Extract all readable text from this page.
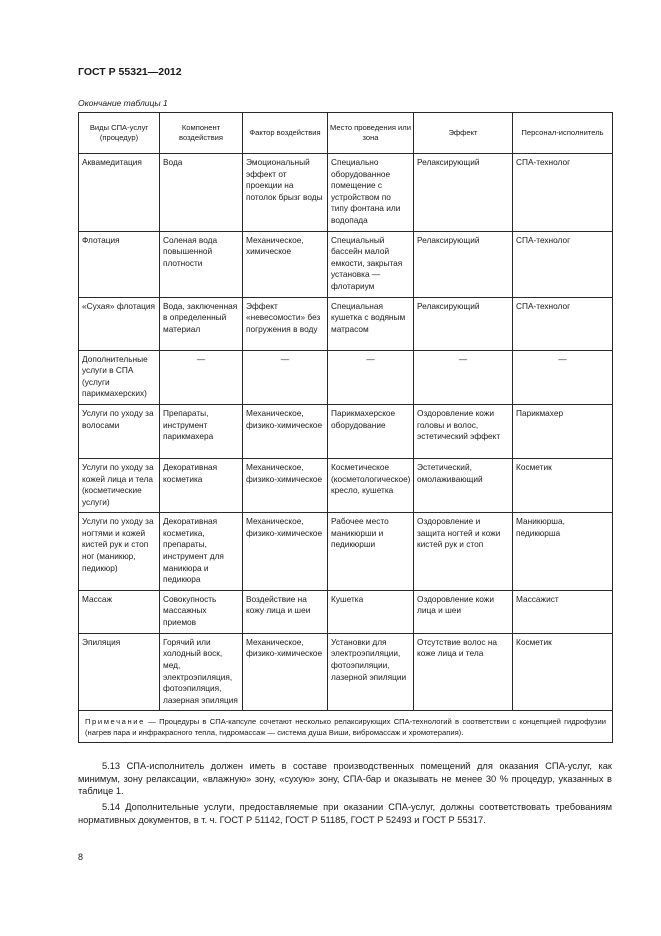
ГОСТ Р 55321—2012
Окончание таблицы 1
Виды СПА-услуг (процедур)	Компонент воздействия	Фактор воздействия	Место проведения или зона	Эффект	Персонал-исполнитель
Аквамедитация	Вода	Эмоциональный эффект от проекции на потолок брызг воды	Специально оборудованное помещение с устройством по типу фонтана или водопада	Релаксирующий	СПА-технолог
Флотация	Соленая вода повышенной плотности	Механическое, химическое	Специальный бассейн малой емкости, закрытая установка — флотариум	Релаксирующий	СПА-технолог
«Сухая» флотация	Вода, заключенная в определенный материал	Эффект «невесомости» без погружения в воду	Специальная кушетка с водяным матрасом	Релаксирующий	СПА-технолог
Дополнительные услуги в СПА (услуги парикмахерских)	—	—	—	—	—
Услуги по уходу за волосами	Препараты, инструмент парикмахера	Механическое, физико-химическое	Парикмахерское оборудование	Оздоровление кожи головы и волос, эстетический эффект	Парикмахер
Услуги по уходу за кожей лица и тела (косметические услуги)	Декоративная косметика	Механическое, физико-химическое	Косметическое (косметологическое) кресло, кушетка	Эстетический, омолаживающий	Косметик
Услуги по уходу за ногтями и кожей кистей рук и стоп ног (маникюр, педикюр)	Декоративная косметика, препараты, инструмент для маникюра и педикюра	Механическое, физико-химическое	Рабочее место маникюрши и педикюрши	Оздоровление и защита ногтей и кожи кистей рук и стоп	Маникюрша, педикюрша
Массаж	Совокупность массажных приемов	Воздействие на кожу лица и шеи	Кушетка	Оздоровление кожи лица и шеи	Массажист
Эпиляция	Горячий или холодный воск, мед, электроэпиляция, фотоэпиляция, лазерная эпиляция	Механическое, физико-химическое	Установки для электроэпиляции, фотоэпиляции, лазерной эпиляции	Отсутствие волос на коже лица и тела	Косметик
Примечание — Процедуры в СПА-капсуле сочетают несколько релаксирующих СПА-технологий в соответствии с концепцией гидрофузии (нагрев пара и инфракрасного тепла, гидромассаж — система душа Виши, вибромассаж и хромотерапия).					

5.13 СПА-исполнитель должен иметь в составе производственных помещений для оказания СПА-услуг, как минимум, зону релаксации, «влажную» зону, «сухую» зону, СПА-бар и оказывать не менее 30 % процедур, указанных в таблице 1.

5.14 Дополнительные услуги, предоставляемые при оказании СПА-услуг, должны соответствовать требованиям нормативных документов, в т. ч. ГОСТ Р 51142, ГОСТ Р 51185, ГОСТ Р 52493 и ГОСТ Р 55317.

8
